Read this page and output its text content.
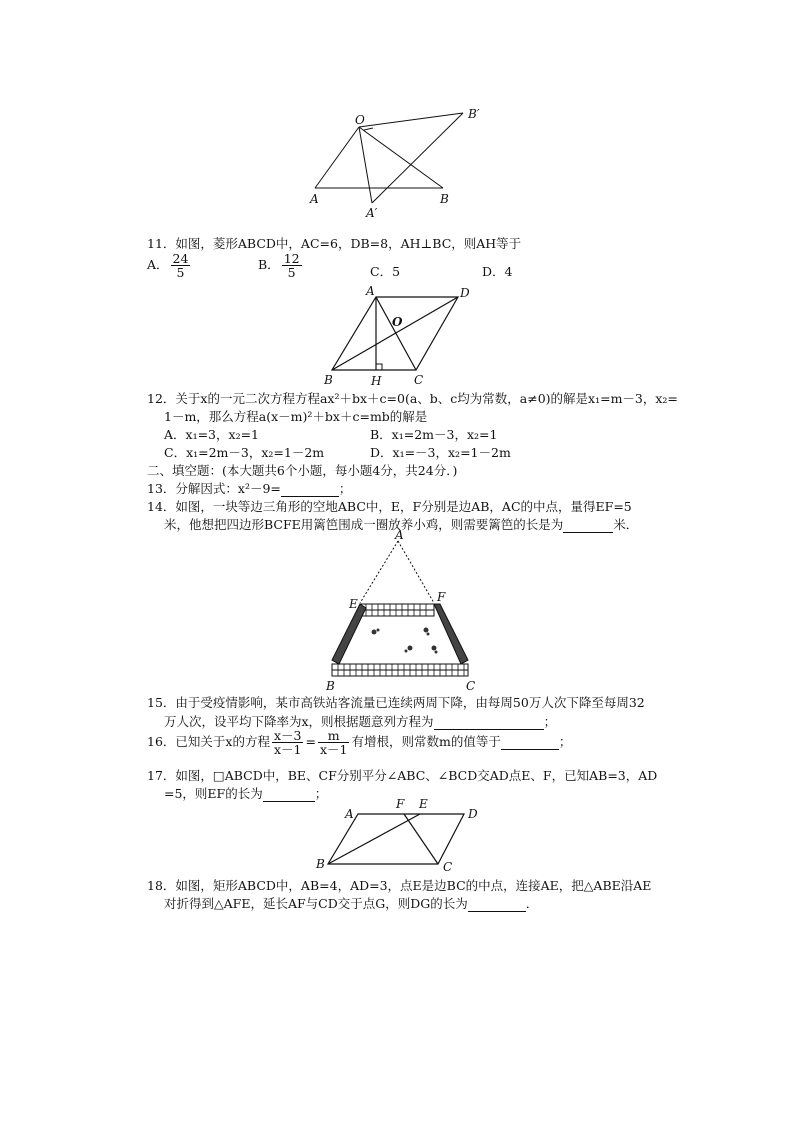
O	B′
A	B
A′
11．如图，菱形ABCD中，AC=6，DB=8，AH⊥BC，则AH等于
A． $\frac{24}{5}$	B． $\frac{12}{5}$	C．5	D．4
A	D
O
B	H	C
12．关于x的一元二次方程方程ax²＋bx＋c=0(a、b、c均为常数，a≠0)的解是x₁=m－3，x₂=
1－m，那么方程a(x－m)²＋bx＋c=mb的解是
A．x₁=3，x₂=1	B．x₁=2m－3，x₂=1
C．x₁=2m－3，x₂=1－2m	D．x₁=－3，x₂=1－2m
二、填空题：(本大题共6个小题，每小题4分，共24分．)
13．分解因式：x²－9=	；
14．如图，一块等边三角形的空地ABC中，E，F分别是边AB，AC的中点，量得EF=5
米，他想把四边形BCFE用篱笆围成一圈放养小鸡，则需要篱笆的长是为	米．
A
E	F
B	C
15．由于受疫情影响，某市高铁站客流量已连续两周下降，由每周50万人次下降至每周32
万人次，设平均下降率为x，则根据题意列方程为	；
16．已知关于x的方程 $\frac{x-3}{x-1} = \frac{m}{x-1}$ 有增根，则常数m的值等于	；
17．如图，□ABCD中，BE、CF分别平分∠ABC、∠BCD交AD点E、F，已知AB=3，AD
=5，则EF的长为	；
A
F E
D
B	C
18．如图，矩形ABCD中，AB=4，AD=3，点E是边BC的中点，连接AE，把△ABE沿AE
对折得到△AFE，延长AF与CD交于点G，则DG的长为	．
